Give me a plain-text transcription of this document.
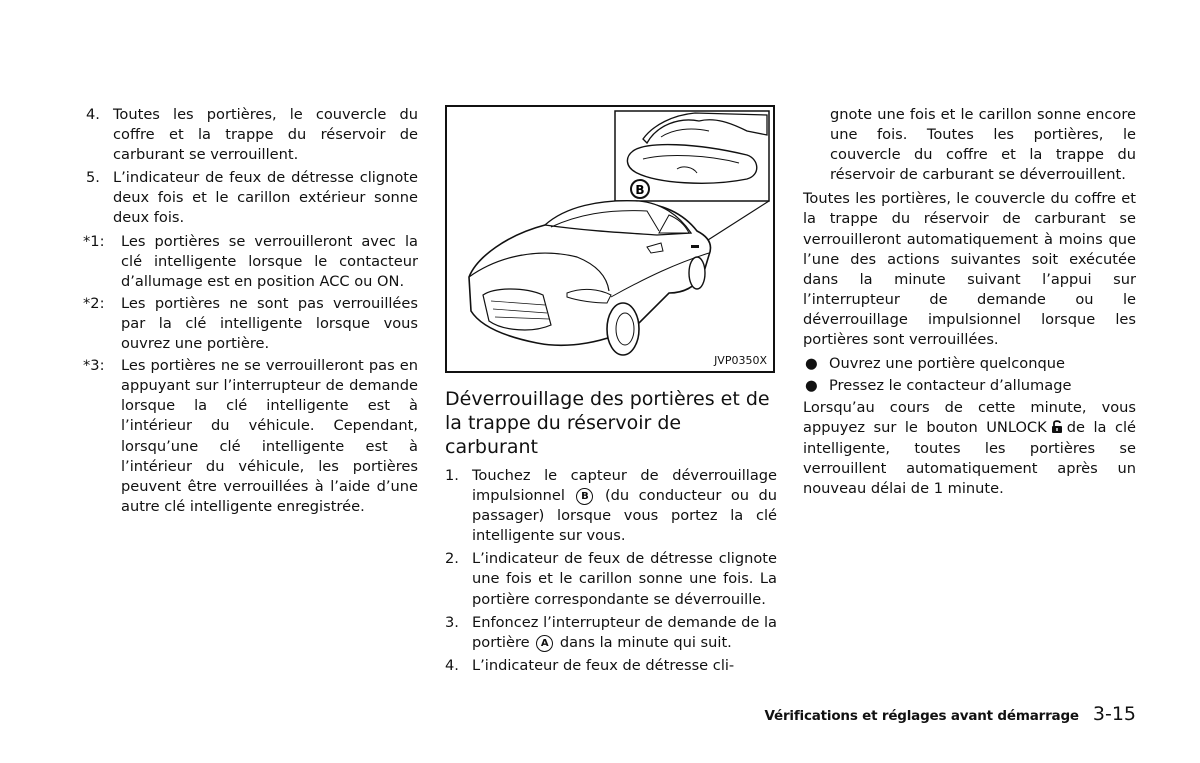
4. Toutes les portières, le couvercle du coffre et la trappe du réservoir de carburant se verrouillent.
5. L’indicateur de feux de détresse clignote deux fois et le carillon extérieur sonne deux fois.
*1:	Les portières se verrouilleront avec la clé intelligente lorsque le contacteur d’allumage est en position ACC ou ON.
*2:	Les portières ne sont pas verrouillées par la clé intelligente lorsque vous ouvrez une portière.
*3:	Les portières ne se verrouilleront pas en appuyant sur l’interrupteur de demande lorsque la clé intelligente est à l’intérieur du véhicule. Cependant, lorsqu’une clé intelligente est à l’intérieur du véhicule, les portières peuvent être verrouillées à l’aide d’une autre clé intelligente enregistrée.
B
JVP0350X
Déverrouillage des portières et de la trappe du réservoir de carburant
1. Touchez le capteur de déverrouillage impulsionnel B (du conducteur ou du passager) lorsque vous portez la clé intelligente sur vous.
2. L’indicateur de feux de détresse clignote une fois et le carillon sonne une fois. La portière correspondante se déverrouille.
3. Enfoncez l’interrupteur de demande de la portière A dans la minute qui suit.
4. L’indicateur de feux de détresse cli-
gnote une fois et le carillon sonne encore une fois. Toutes les portières, le couvercle du coffre et la trappe du réservoir de carburant se déverrouillent.
Toutes les portières, le couvercle du coffre et la trappe du réservoir de carburant se verrouilleront automatiquement à moins que l’une des actions suivantes soit exécutée dans la minute suivant l’appui sur l’interrupteur de demande ou le déverrouillage impulsionnel lorsque les portières sont verrouillées.
● Ouvrez une portière quelconque
● Pressez le contacteur d’allumage
Lorsqu’au cours de cette minute, vous appuyez sur le bouton UNLOCK de la clé intelligente, toutes les portières se verrouillent automatiquement après un nouveau délai de 1 minute.
Vérifications et réglages avant démarrage 3-15
